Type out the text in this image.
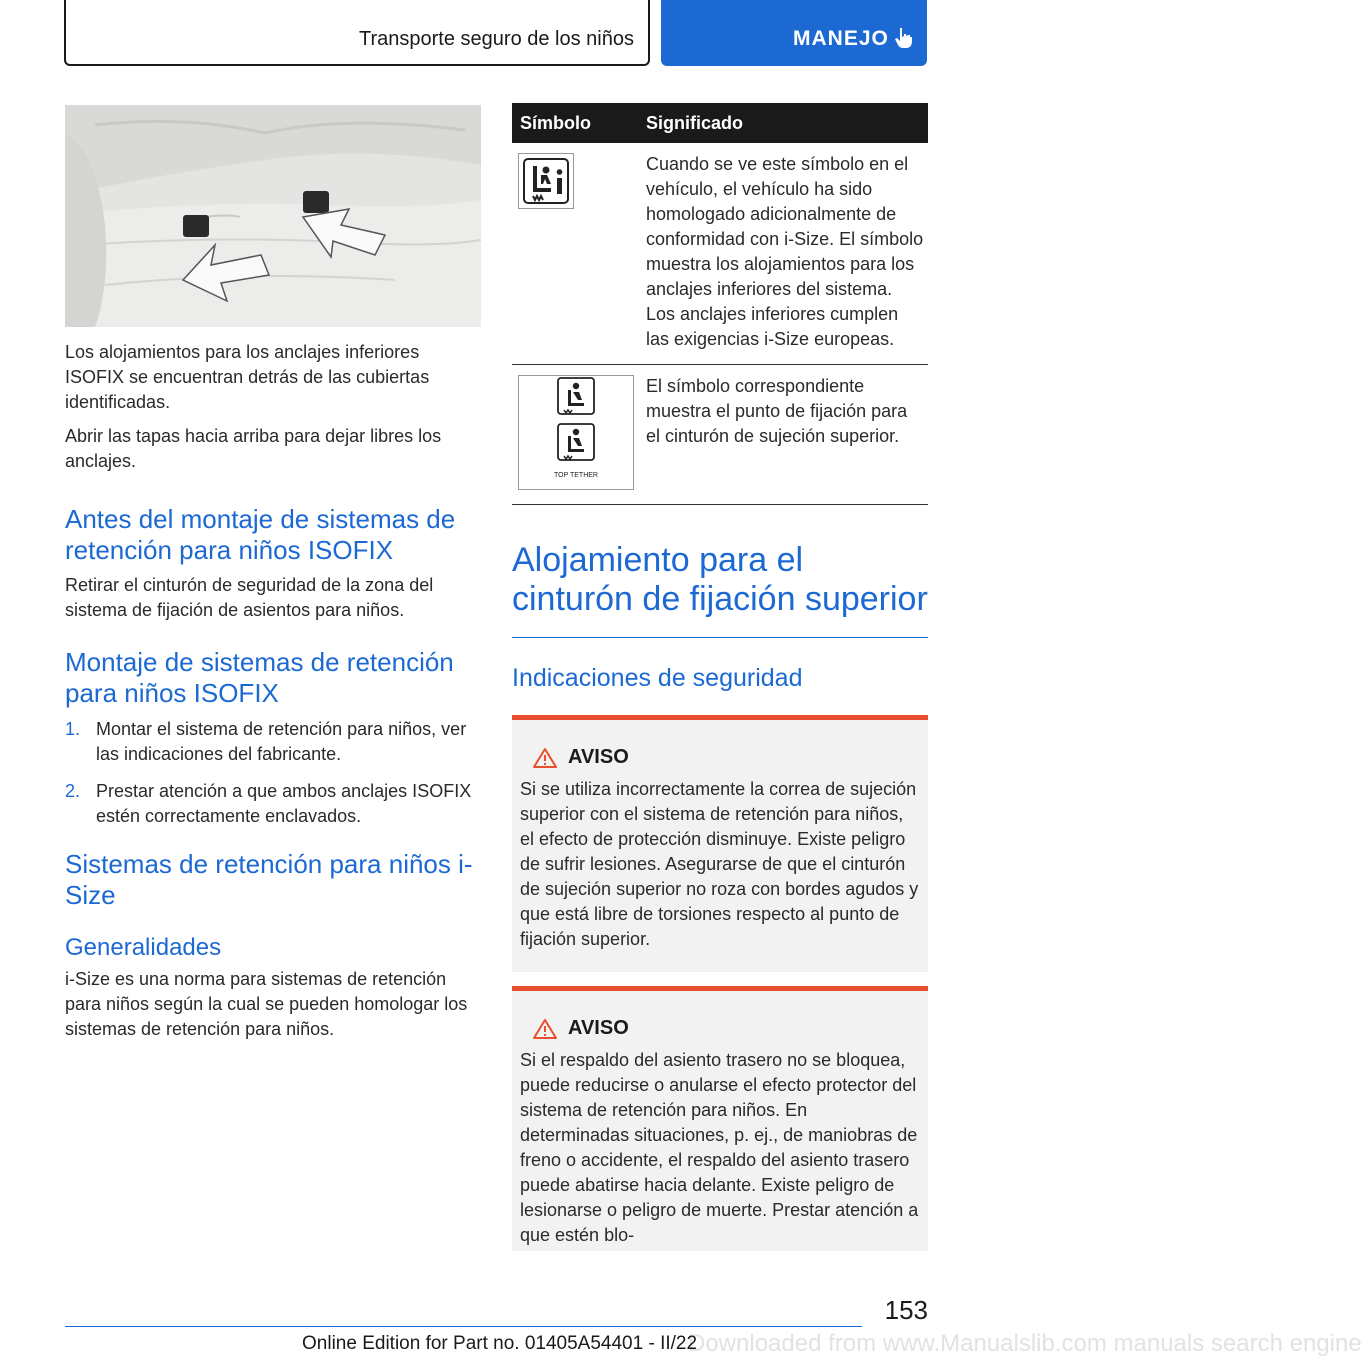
Transporte seguro de los niños	MANEJO

Los alojamientos para los anclajes inferiores ISOFIX se encuentran detrás de las cubiertas identificadas.

Abrir las tapas hacia arriba para dejar libres los anclajes.

Antes del montaje de sistemas de retención para niños ISOFIX

Retirar el cinturón de seguridad de la zona del sistema de fijación de asientos para niños.

Montaje de sistemas de retención para niños ISOFIX
1. Montar el sistema de retención para niños, ver las indicaciones del fabricante.
2. Prestar atención a que ambos anclajes ISOFIX estén correctamente enclavados.
Sistemas de retención para niños i-Size
Generalidades

i-Size es una norma para sistemas de retención para niños según la cual se pueden homologar los sistemas de retención para niños.

Símbolo	Significado

	Cuando se ve este símbolo en el vehículo, el vehículo ha sido homologado adicionalmente de conformidad con i-Size. El símbolo muestra los alojamientos para los anclajes inferiores del sistema. Los anclajes inferiores cumplen las exigencias i-Size europeas.

TOP TETHER	El símbolo correspondiente muestra el punto de fijación para el cinturón de sujeción superior.
Alojamiento para el cinturón de fijación superior
Indicaciones de seguridad
AVISO

Si se utiliza incorrectamente la correa de sujeción superior con el sistema de retención para niños, el efecto de protección disminuye. Existe peligro de sufrir lesiones. Asegurarse de que el cinturón de sujeción superior no roza con bordes agudos y que está libre de torsiones respecto al punto de fijación superior.

AVISO

Si el respaldo del asiento trasero no se bloquea, puede reducirse o anularse el efecto protector del sistema de retención para niños. En determinadas situaciones, p. ej., de maniobras de freno o accidente, el respaldo del asiento trasero puede abatirse hacia delante. Existe peligro de lesionarse o peligro de muerte. Prestar atención a que estén blo-

153
Downloaded from www.Manualslib.com manuals search engine
Online Edition for Part no. 01405A54401 - II/22
